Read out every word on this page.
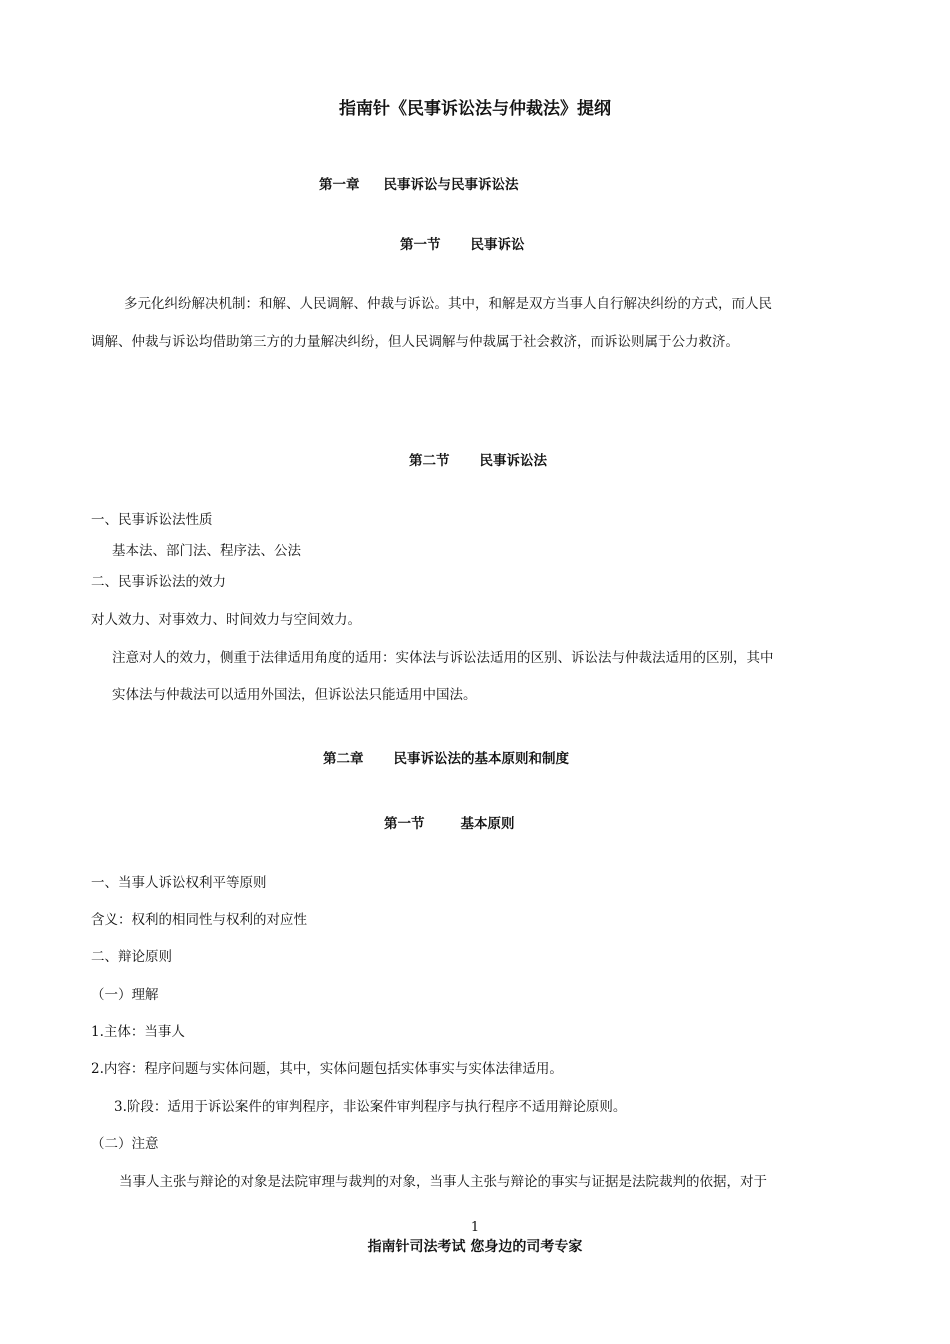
指南针《民事诉讼法与仲裁法》提纲
第一章 民事诉讼与民事诉讼法
第一节 民事诉讼
多元化纠纷解决机制：和解、人民调解、仲裁与诉讼。其中，和解是双方当事人自行解决纠纷的方式，而人民
调解、仲裁与诉讼均借助第三方的力量解决纠纷，但人民调解与仲裁属于社会救济，而诉讼则属于公力救济。
第二节 民事诉讼法
一、民事诉讼法性质
基本法、部门法、程序法、公法
二、民事诉讼法的效力
对人效力、对事效力、时间效力与空间效力。
注意对人的效力，侧重于法律适用角度的适用：实体法与诉讼法适用的区别、诉讼法与仲裁法适用的区别，其中
实体法与仲裁法可以适用外国法，但诉讼法只能适用中国法。
第二章 民事诉讼法的基本原则和制度
第一节	基本原则
一、当事人诉讼权利平等原则
含义：权利的相同性与权利的对应性
二、辩论原则
（一）理解
1.主体：当事人
2.内容：程序问题与实体问题，其中，实体问题包括实体事实与实体法律适用。
3.阶段：适用于诉讼案件的审判程序，非讼案件审判程序与执行程序不适用辩论原则。
（二）注意
当事人主张与辩论的对象是法院审理与裁判的对象，当事人主张与辩论的事实与证据是法院裁判的依据，对于
1
指南针司法考试 您身边的司考专家
